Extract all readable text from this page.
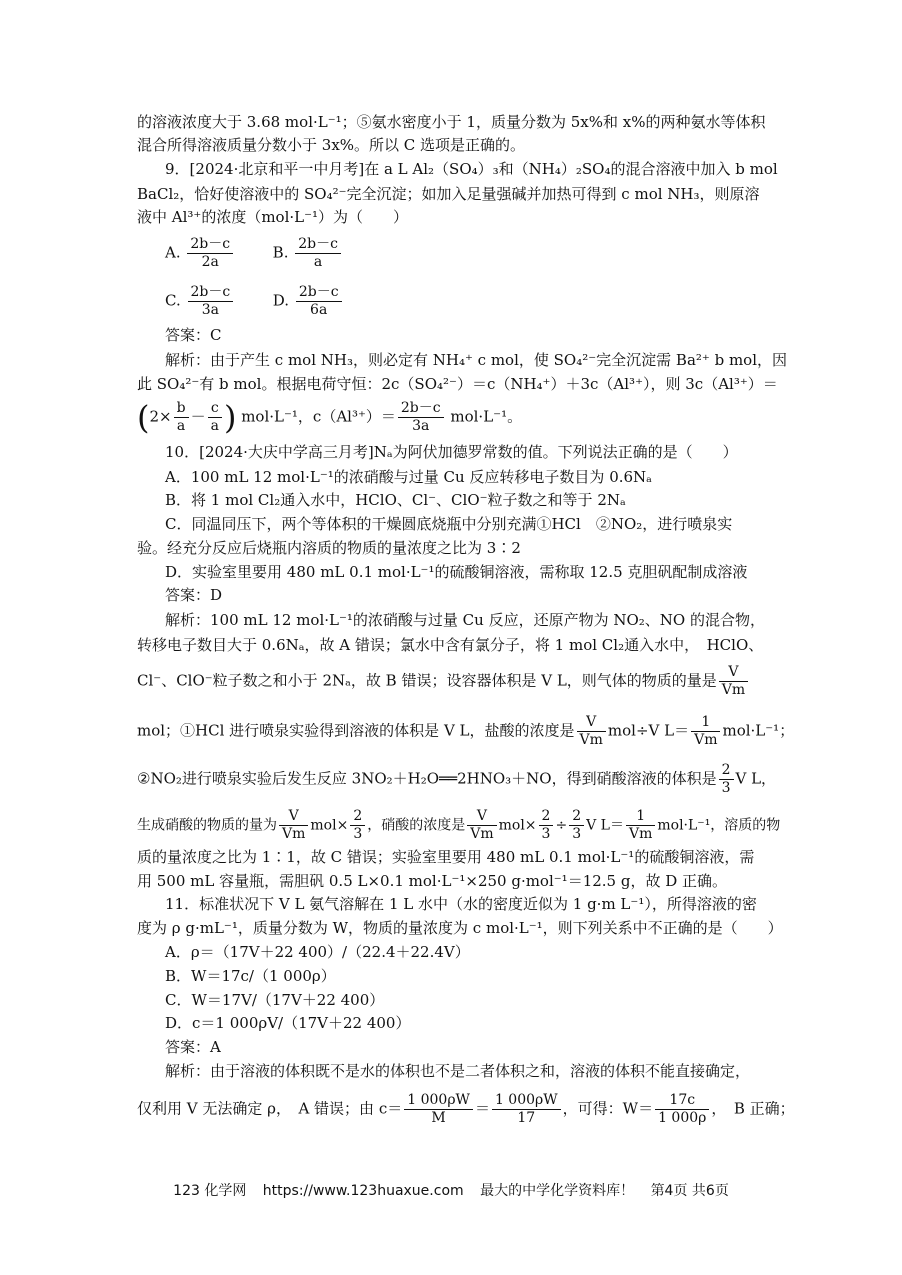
的溶液浓度大于 3.68 mol·L⁻¹；⑤氨水密度小于 1，质量分数为 5x%和 x%的两种氨水等体积
混合所得溶液质量分数小于 3x%。所以 C 选项是正确的。
9．[2024·北京和平一中月考]在 a L Al₂（SO₄）₃和（NH₄）₂SO₄的混合溶液中加入 b mol
BaCl₂，恰好使溶液中的 SO₄²⁻完全沉淀；如加入足量强碱并加热可得到 c mol NH₃，则原溶
液中 Al³⁺的浓度（mol·L⁻¹）为（　　）
A. $\frac{2b-c}{2a}$	B. $\frac{2b-c}{a}$
C. $\frac{2b-c}{3a}$	D. $\frac{2b-c}{6a}$
答案：C
解析：由于产生 c mol NH₃，则必定有 NH₄⁺ c mol，使 SO₄²⁻完全沉淀需 Ba²⁺ b mol，因
此 SO₄²⁻有 b mol。根据电荷守恒：2c（SO₄²⁻）＝c（NH₄⁺）＋3c（Al³⁺），则 3c（Al³⁺）＝
($2\times \frac{b}{a} - \frac{c}{a}$ ) mol·L⁻¹，$c(Al^{3+})= \frac{2b-c}{3a} mol\cdot L^{-1}$。
10．[2024·大庆中学高三月考]Nₐ为阿伏加德罗常数的值。下列说法正确的是（　　）
A．100 mL 12 mol·L⁻¹的浓硝酸与过量 Cu 反应转移电子数目为 0.6Nₐ
B．将 1 mol Cl₂通入水中，HClO、Cl⁻、ClO⁻粒子数之和等于 2Nₐ
C．同温同压下，两个等体积的干燥圆底烧瓶中分别充满①HCl　②NO₂，进行喷泉实
验。经充分反应后烧瓶内溶质的物质的量浓度之比为 3∶2
D．实验室里要用 480 mL 0.1 mol·L⁻¹的硫酸铜溶液，需称取 12.5 克胆矾配制成溶液
答案：D
解析：100 mL 12 mol·L⁻¹的浓硝酸与过量 Cu 反应，还原产物为 NO₂、NO 的混合物，
转移电子数目大于 0.6Nₐ，故 A 错误；氯水中含有氯分子，将 1 mol Cl₂通入水中，　HClO、
Cl⁻、ClO⁻粒子数之和小于 2Nₐ，故 B 错误；设容器体积是 V L，则气体的物质的量是 $\frac{V}{Vm}$
mol；①HCl 进行喷泉实验得到溶液的体积是 V L，盐酸的浓度是 $\frac{V}{Vm} mol\div V$ $L= \frac{1}{Vm} mol\cdot L^{-1}$；
②NO₂进行喷泉实验后发生反应 3NO₂＋H₂O══2HNO₃＋NO，得到硝酸溶液的体积是 $\frac{2}{3}$ V L，
生成硝酸的物质的量为 $\frac{V}{Vm} mol\times \frac{2}{3}$ ，硝酸的浓度是 $\frac{V}{Vm} mol\times \frac{2}{3} \div \frac{2}{3}$ V $L= \frac{1}{Vm} mol\cdot L^{-1}$，溶质的物
质的量浓度之比为 1∶1，故 C 错误；实验室里要用 480 mL 0.1 mol·L⁻¹的硫酸铜溶液，需
用 500 mL 容量瓶，需胆矾 0.5 L×0.1 mol·L⁻¹×250 g·mol⁻¹＝12.5 g，故 D 正确。
11．标准状况下 V L 氨气溶解在 1 L 水中（水的密度近似为 1 g·m L⁻¹），所得溶液的密
度为 ρ g·mL⁻¹，质量分数为 W，物质的量浓度为 c mol·L⁻¹，则下列关系中不正确的是（　　）
A．ρ＝（17V＋22 400）/（22.4＋22.4V）
B．W＝17c/（1 000ρ）
C．W＝17V/（17V＋22 400）
D．c＝1 000ρV/（17V＋22 400）
答案：A
解析：由于溶液的体积既不是水的体积也不是二者体积之和，溶液的体积不能直接确定，
仅利用 V 无法确定 ρ，　A 错误；由 $c= \frac{1 000\rho W}{M} = \frac{1 000\rho W}{17}$ ，可得：$W= \frac{17c}{1 000\rho}$ ，　B 正确；
123 化学网 https://www.123huaxue.com 最大的中学化学资料库！ 第4页 共6页
